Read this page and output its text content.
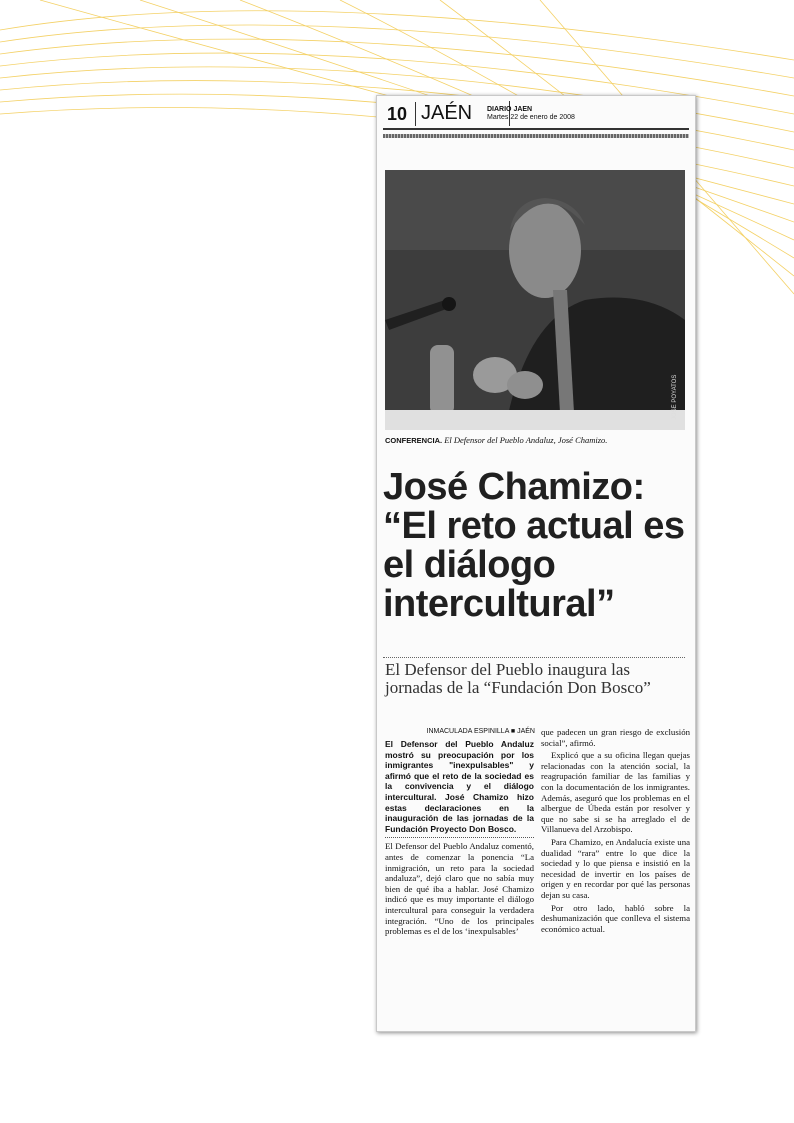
10 JAÉN	DIARIO JAEN
Martes 22 de enero de 2008
JOSÉ POYATOS
CONFERENCIA. El Defensor del Pueblo Andaluz, José Chamizo.
José Chamizo: “El reto actual es el diálogo intercultural”
El Defensor del Pueblo inaugura las jornadas de la “Fundación Don Bosco”
INMACULADA ESPINILLA ■ JAÉN
El Defensor del Pueblo Andaluz mostró su preocupación por los inmigrantes "inexpulsables" y afirmó que el reto de la sociedad es la convivencia y el diálogo intercultural. José Chamizo hizo estas declaraciones en la inauguración de las jornadas de la Fundación Proyecto Don Bosco.

El Defensor del Pueblo Andaluz comentó, antes de comenzar la ponencia “La inmigración, un reto para la sociedad andaluza”, dejó claro que no sabía muy bien de qué iba a hablar. José Chamizo indicó que es muy importante el diálogo intercultural para conseguir la verdadera integración. “Uno de los principales problemas es el de los ‘inexpulsables’

que padecen un gran riesgo de exclusión social”, afirmó.

Explicó que a su oficina llegan quejas relacionadas con la atención social, la reagrupación familiar de las familias y con la documentación de los inmigrantes. Además, aseguró que los problemas en el albergue de Úbeda están por resolver y que no sabe si se ha arreglado el de Villanueva del Arzobispo.

Para Chamizo, en Andalucía existe una dualidad “rara” entre lo que dice la sociedad y lo que piensa e insistió en la necesidad de invertir en los países de origen y en recordar por qué las personas dejan su casa.

Por otro lado, habló sobre la deshumanización que conlleva el sistema económico actual.
